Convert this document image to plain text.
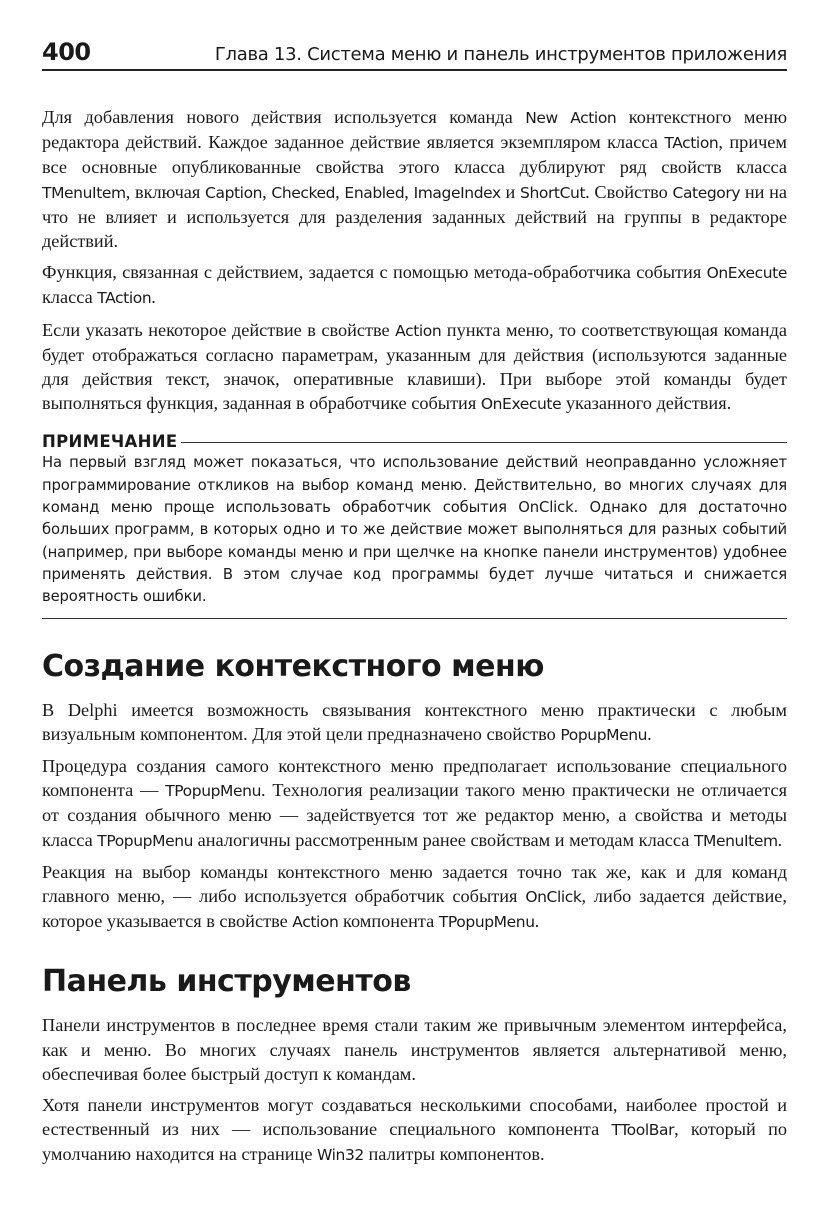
400	Глава 13. Система меню и панель инструментов приложения

Для добавления нового действия используется команда New Action контекстного меню редактора действий. Каждое заданное действие является экземпляром класса TAction, причем все основные опубликованные свойства этого класса дублируют ряд свойств класса TMenuItem, включая Caption, Checked, Enabled, ImageIndex и ShortCut. Свойство Category ни на что не влияет и используется для разделения заданных действий на группы в редакторе действий.

Функция, связанная с действием, задается с помощью метода-обработчика события OnExecute класса TAction.

Если указать некоторое действие в свойстве Action пункта меню, то соответствующая команда будет отображаться согласно параметрам, указанным для действия (используются заданные для действия текст, значок, оперативные клавиши). При выборе этой команды будет выполняться функция, заданная в обработчике события OnExecute указанного действия.

ПРИМЕЧАНИЕ

На первый взгляд может показаться, что использование действий неоправданно усложняет программирование откликов на выбор команд меню. Действительно, во многих случаях для команд меню проще использовать обработчик события OnClick. Однако для достаточно больших программ, в которых одно и то же действие может выполняться для разных событий (например, при выборе команды меню и при щелчке на кнопке панели инструментов) удобнее применять действия. В этом случае код программы будет лучше читаться и снижается вероятность ошибки.

Создание контекстного меню

В Delphi имеется возможность связывания контекстного меню практически с любым визуальным компонентом. Для этой цели предназначено свойство PopupMenu.

Процедура создания самого контекстного меню предполагает использование специального компонента — TPopupMenu. Технология реализации такого меню практически не отличается от создания обычного меню — задействуется тот же редактор меню, а свойства и методы класса TPopupMenu аналогичны рассмотренным ранее свойствам и методам класса TMenuItem.

Реакция на выбор команды контекстного меню задается точно так же, как и для команд главного меню, — либо используется обработчик события OnClick, либо задается действие, которое указывается в свойстве Action компонента TPopupMenu.

Панель инструментов

Панели инструментов в последнее время стали таким же привычным элементом интерфейса, как и меню. Во многих случаях панель инструментов является альтернативой меню, обеспечивая более быстрый доступ к командам.

Хотя панели инструментов могут создаваться несколькими способами, наиболее простой и естественный из них — использование специального компонента TToolBar, который по умолчанию находится на странице Win32 палитры компонентов.
